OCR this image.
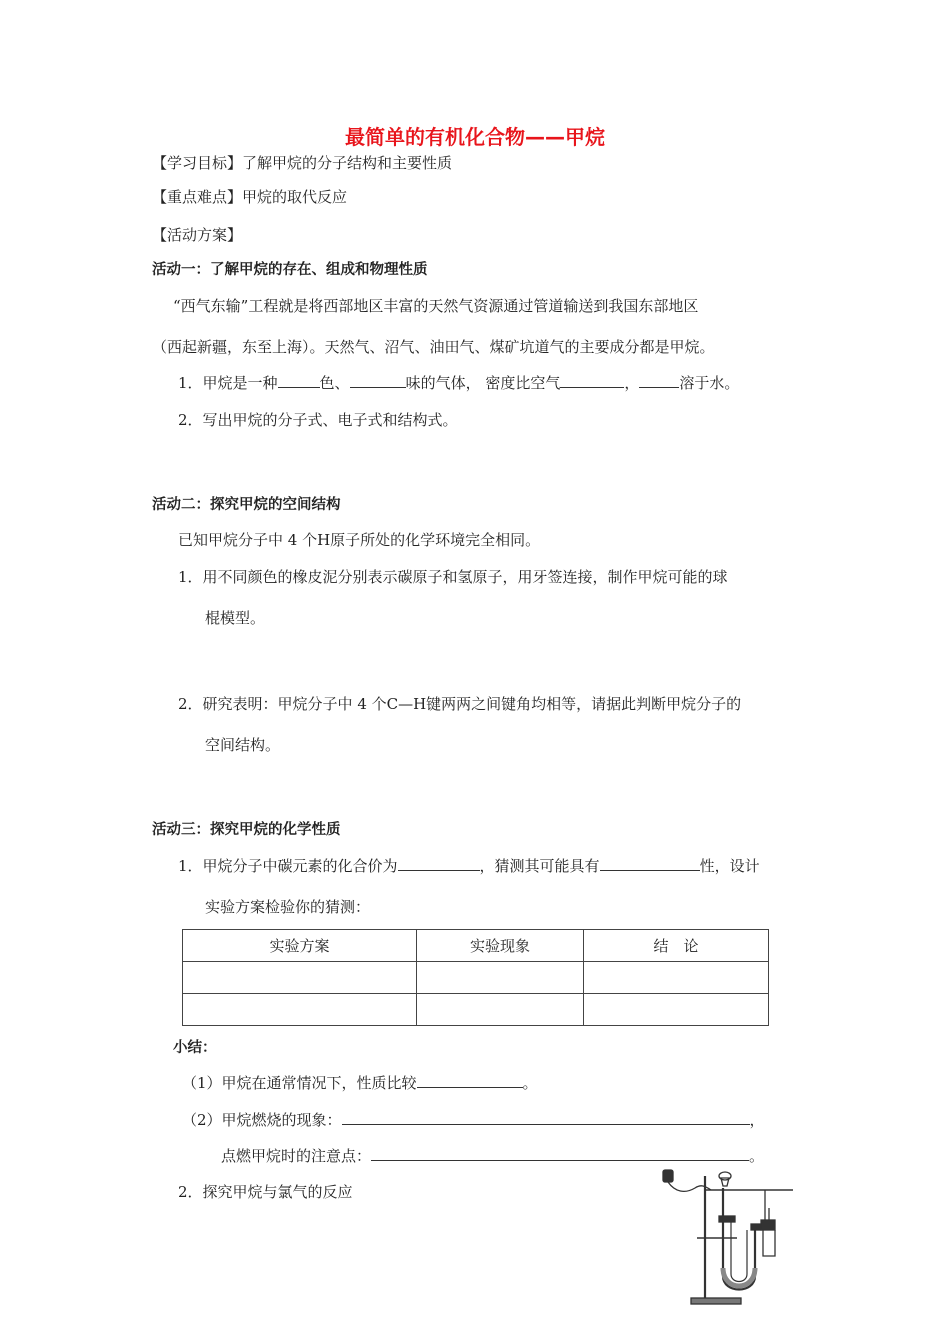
最简单的有机化合物——甲烷
【学习目标】了解甲烷的分子结构和主要性质
【重点难点】甲烷的取代反应
【活动方案】
活动一：了解甲烷的存在、组成和物理性质
“西气东输”工程就是将西部地区丰富的天然气资源通过管道输送到我国东部地区
（西起新疆，东至上海）。天然气、沼气、油田气、煤矿坑道气的主要成分都是甲烷。
1．甲烷是一种	色、	味的气体， 密度比空气	，	溶于水。
2．写出甲烷的分子式、电子式和结构式。
活动二：探究甲烷的空间结构
已知甲烷分子中 4 个H原子所处的化学环境完全相同。
1．用不同颜色的橡皮泥分别表示碳原子和氢原子，用牙签连接，制作甲烷可能的球
棍模型。
2．研究表明：甲烷分子中 4 个C—H键两两之间键角均相等，请据此判断甲烷分子的
空间结构。
活动三：探究甲烷的化学性质
1．甲烷分子中碳元素的化合价为	，猜测其可能具有	性，设计
实验方案检验你的猜测：
实验方案	实验现象	结　论

小结：
（1）甲烷在通常情况下，性质比较	。
（2）甲烷燃烧的现象：	，
点燃甲烷时的注意点：	。
2．探究甲烷与氯气的反应
